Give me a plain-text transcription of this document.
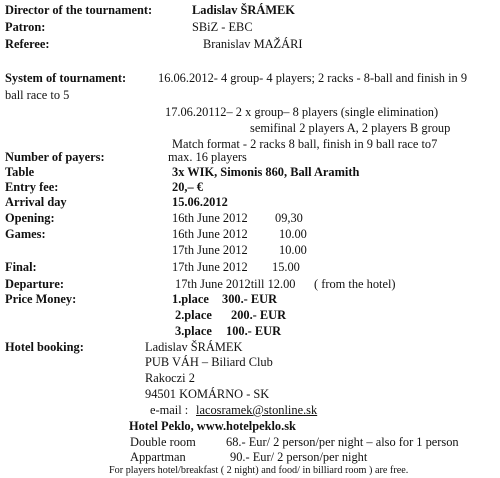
Director of the tournament:	Ladislav ŠRÁMEK
Patron:	SBiZ - EBC
Referee:	Branislav MAŽÁRI
System of tournament:	16.06.2012- 4 group- 4 players; 2 racks - 8-ball and finish in 9
ball race to 5
17.06.20112– 2 x group– 8 players (single elimination)
semifinal 2 players A, 2 players B group
Match format - 2 racks 8 ball, finish in 9 ball race to7
Number of payers:	max. 16 players
Table	3x WIK, Simonis 860, Ball Aramith
Entry fee:	20,– €
Arrival day	15.06.2012
Opening:	16th June 2012 09,30
Games:	16th June 2012	10.00
17th June 2012	10.00
Final:	17th June 2012 15.00
Departure:	17th June 2012till 12.00 ( from the hotel)
Price Money:	1.place 300.- EUR
2.place 200.- EUR
3.place 100.- EUR
Hotel booking:	Ladislav ŠRÁMEK
PUB VÁH – Biliard Club
Rakoczi 2
94501 KOMÁRNO - SK
e-mail : lacosramek@stonline.sk
Hotel Peklo, www.hotelpeklo.sk
Double room 68.- Eur/ 2 person/per night – also for 1 person
Appartman	90.- Eur/ 2 person/per night
For players hotel/breakfast ( 2 night) and food/ in billiard room ) are free.
